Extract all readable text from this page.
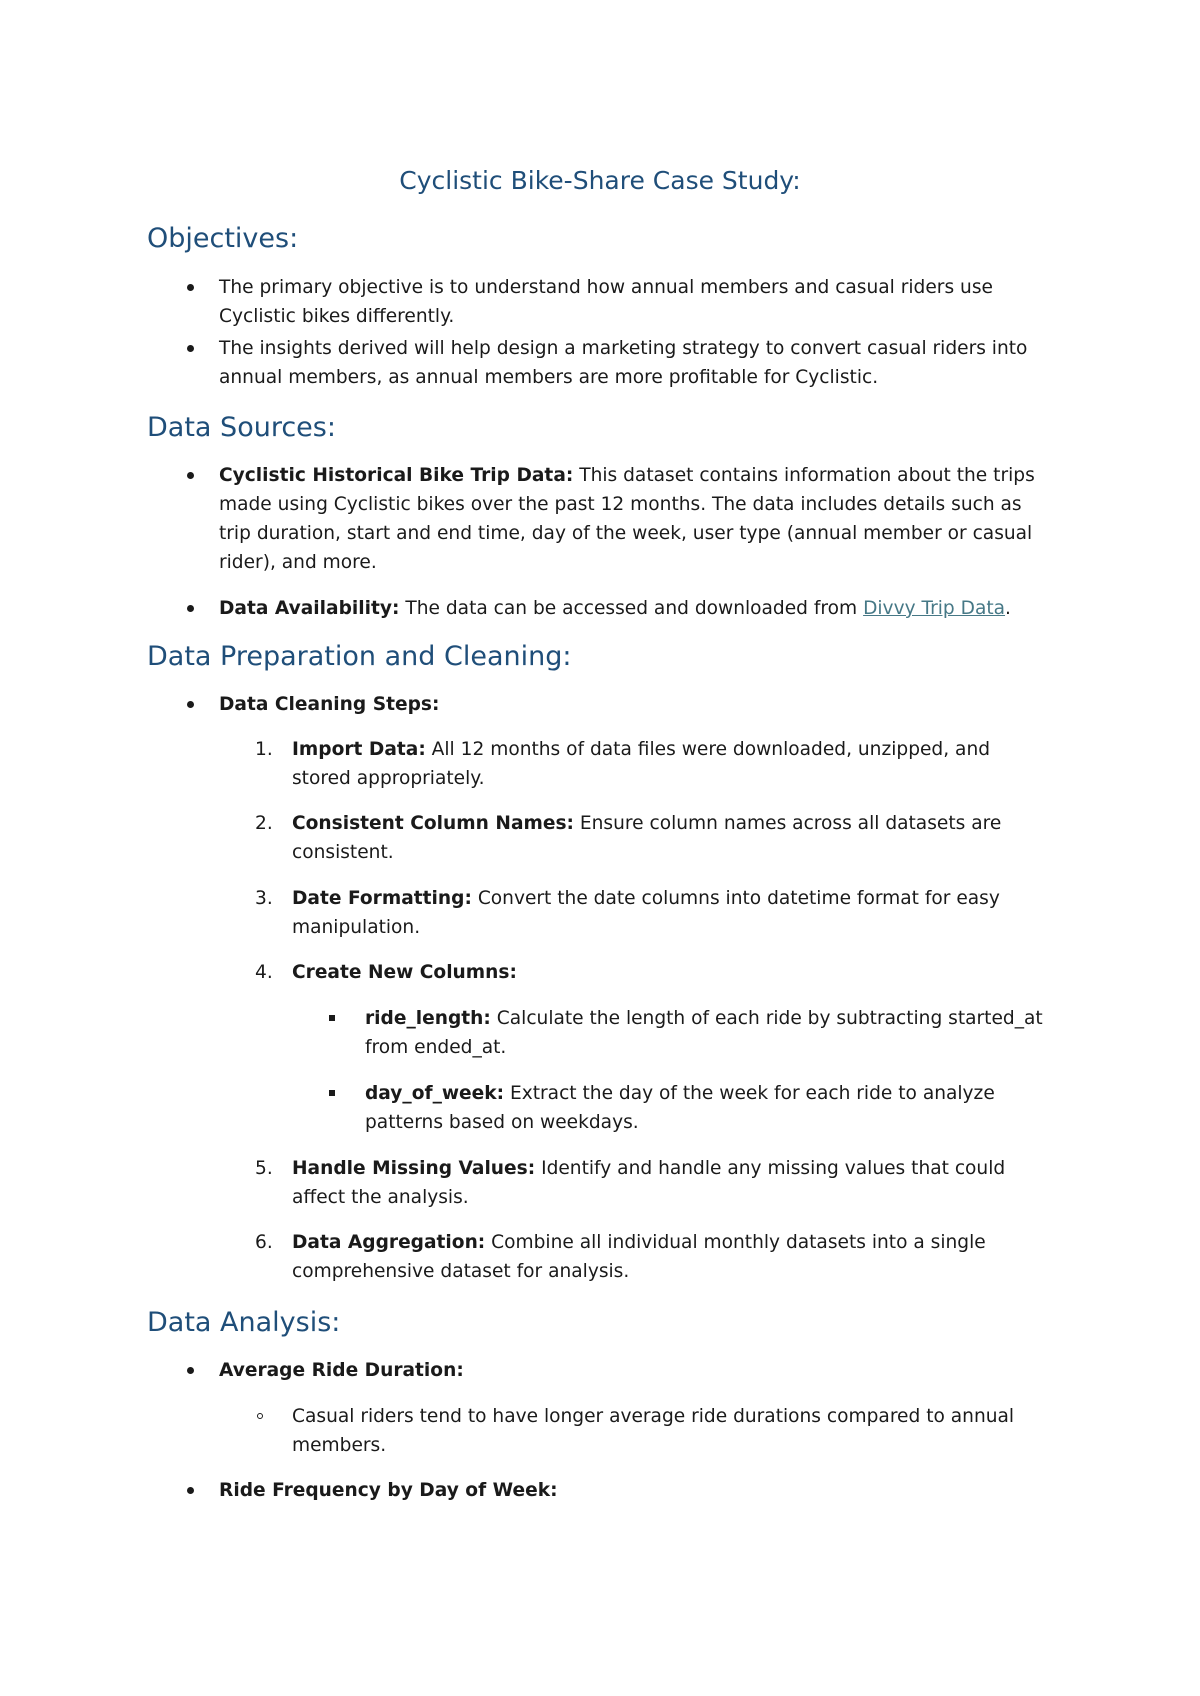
Cyclistic Bike-Share Case Study:
Objectives:

The primary objective is to understand how annual members and casual riders use

Cyclistic bikes differently.

The insights derived will help design a marketing strategy to convert casual riders into

annual members, as annual members are more profitable for Cyclistic.

Data Sources:

Cyclistic Historical Bike Trip Data: This dataset contains information about the trips

made using Cyclistic bikes over the past 12 months. The data includes details such as

trip duration, start and end time, day of the week, user type (annual member or casual

rider), and more.

Data Availability: The data can be accessed and downloaded from Divvy Trip Data.

Data Preparation and Cleaning:

Data Cleaning Steps:

1. Import Data: All 12 months of data files were downloaded, unzipped, and

stored appropriately.

2. Consistent Column Names: Ensure column names across all datasets are

consistent.

3. Date Formatting: Convert the date columns into datetime format for easy

manipulation.

4. Create New Columns:

ride_length: Calculate the length of each ride by subtracting started_at

from ended_at.

day_of_week: Extract the day of the week for each ride to analyze

patterns based on weekdays.

5. Handle Missing Values: Identify and handle any missing values that could

affect the analysis.

6. Data Aggregation: Combine all individual monthly datasets into a single

comprehensive dataset for analysis.

Data Analysis:

Average Ride Duration:

Casual riders tend to have longer average ride durations compared to annual

members.

Ride Frequency by Day of Week:
